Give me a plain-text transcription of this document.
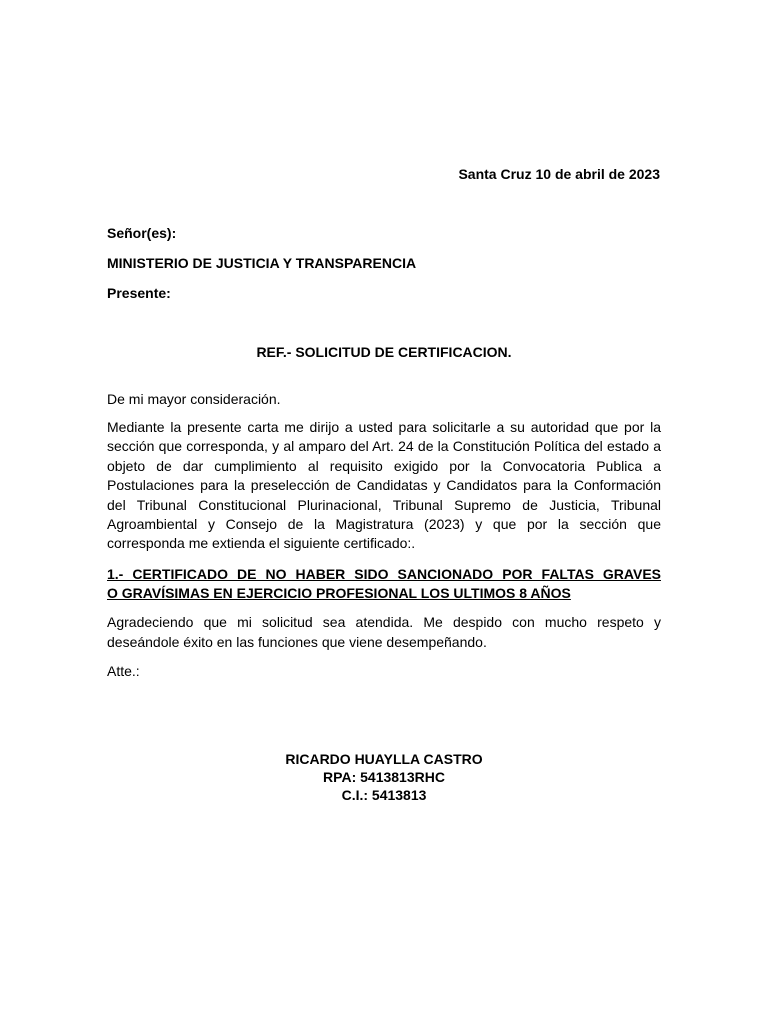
Santa Cruz 10 de abril de 2023

Señor(es):

MINISTERIO DE JUSTICIA Y TRANSPARENCIA

Presente:

REF.- SOLICITUD DE CERTIFICACION.

De mi mayor consideración.

Mediante la presente carta me dirijo a usted para solicitarle a su autoridad que por la sección que corresponda, y al amparo del Art. 24 de la Constitución Política del estado a objeto de dar cumplimiento al requisito exigido por la Convocatoria Publica a Postulaciones para la preselección de Candidatas y Candidatos para la Conformación del Tribunal Constitucional Plurinacional, Tribunal Supremo de Justicia, Tribunal Agroambiental y Consejo de la Magistratura (2023) y que por la sección que corresponda me extienda el siguiente certificado:.

1.- CERTIFICADO DE NO HABER SIDO SANCIONADO POR FALTAS GRAVES
O GRAVÍSIMAS EN EJERCICIO PROFESIONAL LOS ULTIMOS 8 AÑOS

Agradeciendo que mi solicitud sea atendida. Me despido con mucho respeto y deseándole éxito en las funciones que viene desempeñando.

Atte.:

RICARDO HUAYLLA CASTRO
RPA: 5413813RHC
C.I.: 5413813
